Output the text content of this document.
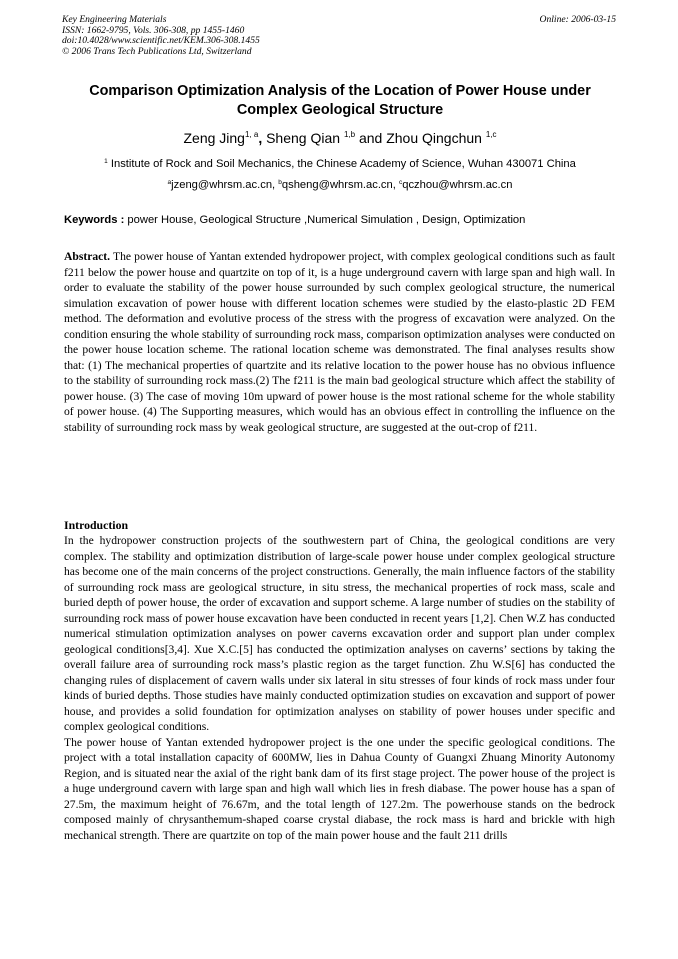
Key Engineering Materials
ISSN: 1662-9795, Vols. 306-308, pp 1455-1460
doi:10.4028/www.scientific.net/KEM.306-308.1455
© 2006 Trans Tech Publications Ltd, Switzerland
Online: 2006-03-15
Comparison Optimization Analysis of the Location of Power House under Complex Geological Structure
Zeng Jing$^{1, a}$, Sheng Qian $^{1,b}$ and Zhou Qingchun $^{1,c}$
$^1$ Institute of Rock and Soil Mechanics, the Chinese Academy of Science, Wuhan 430071 China
$^a$jzeng@whrsm.ac.cn, $^b$qsheng@whrsm.ac.cn, $^c$qczhou@whrsm.ac.cn
Keywords : power House, Geological Structure ,Numerical Simulation , Design, Optimization

Abstract. The power house of Yantan extended hydropower project, with complex geological conditions such as fault f211 below the power house and quartzite on top of it, is a huge underground cavern with large span and high wall. In order to evaluate the stability of the power house surrounded by such complex geological structure, the numerical simulation excavation of power house with different location schemes were studied by the elasto-plastic 2D FEM method. The deformation and evolutive process of the stress with the progress of excavation were analyzed. On the condition ensuring the whole stability of surrounding rock mass, comparison optimization analyses were conducted on the power house location scheme. The rational location scheme was demonstrated. The final analyses results show that: (1) The mechanical properties of quartzite and its relative location to the power house has no obvious influence to the stability of surrounding rock mass.(2) The f211 is the main bad geological structure which affect the stability of power house. (3) The case of moving 10m upward of power house is the most rational scheme for the whole stability of power house. (4) The Supporting measures, which would has an obvious effect in controlling the influence on the stability of surrounding rock mass by weak geological structure, are suggested at the out-crop of f211.

Introduction

In the hydropower construction projects of the southwestern part of China, the geological conditions are very complex. The stability and optimization distribution of large-scale power house under complex geological structure has become one of the main concerns of the project constructions. Generally, the main influence factors of the stability of surrounding rock mass are geological structure, in situ stress, the mechanical properties of rock mass, scale and buried depth of power house, the order of excavation and support scheme. A large number of studies on the stability of surrounding rock mass of power house excavation have been conducted in recent years [1,2]. Chen W.Z has conducted numerical stimulation optimization analyses on power caverns excavation order and support plan under complex geological conditions[3,4]. Xue X.C.[5] has conducted the optimization analyses on caverns’ sections by taking the overall failure area of surrounding rock mass’s plastic region as the target function. Zhu W.S[6] has conducted the changing rules of displacement of cavern walls under six lateral in situ stresses of four kinds of rock mass under four kinds of buried depths. Those studies have mainly conducted optimization studies on excavation and support of power house, and provides a solid foundation for optimization analyses on stability of power houses under specific and complex geological conditions.

The power house of Yantan extended hydropower project is the one under the specific geological conditions. The project with a total installation capacity of 600MW, lies in Dahua County of Guangxi Zhuang Minority Autonomy Region, and is situated near the axial of the right bank dam of its first stage project. The power house of the project is a huge underground cavern with large span and high wall which lies in fresh diabase. The power house has a span of 27.5m, the maximum height of 76.67m, and the total length of 127.2m. The powerhouse stands on the bedrock composed mainly of chrysanthemum-shaped coarse crystal diabase, the rock mass is hard and brickle with high mechanical strength. There are quartzite on top of the main power house and the fault 211 drills
